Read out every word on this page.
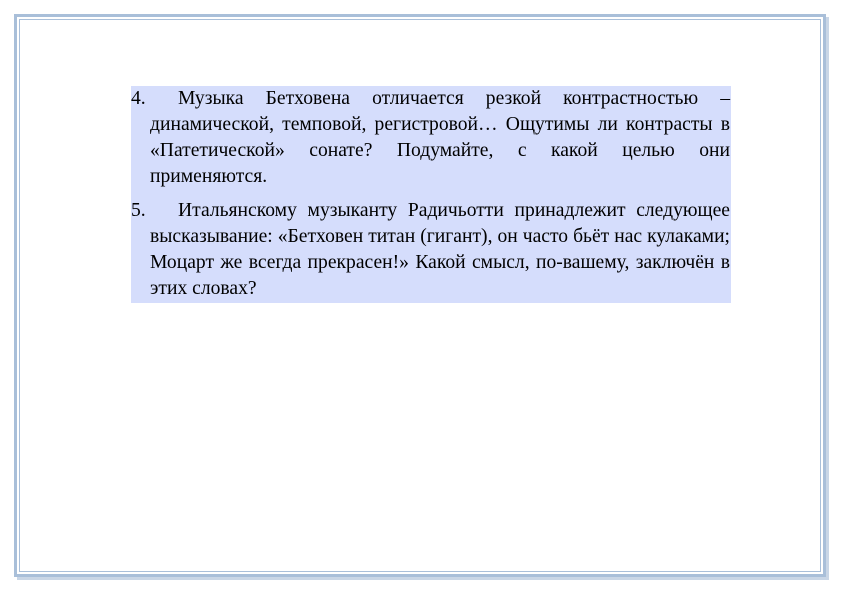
4.	Музыка Бетховена отличается резкой контрастностью – динамической, темповой, регистровой… Ощутимы ли контрасты в «Патетической» сонате? Подумайте, с какой целью они применяются.
5.	Итальянскому музыканту Радичьотти принадлежит следующее высказывание: «Бетховен титан (гигант), он часто бьёт нас кулаками; Моцарт же всегда прекрасен!» Какой смысл, по-вашему, заключён в этих словах?
